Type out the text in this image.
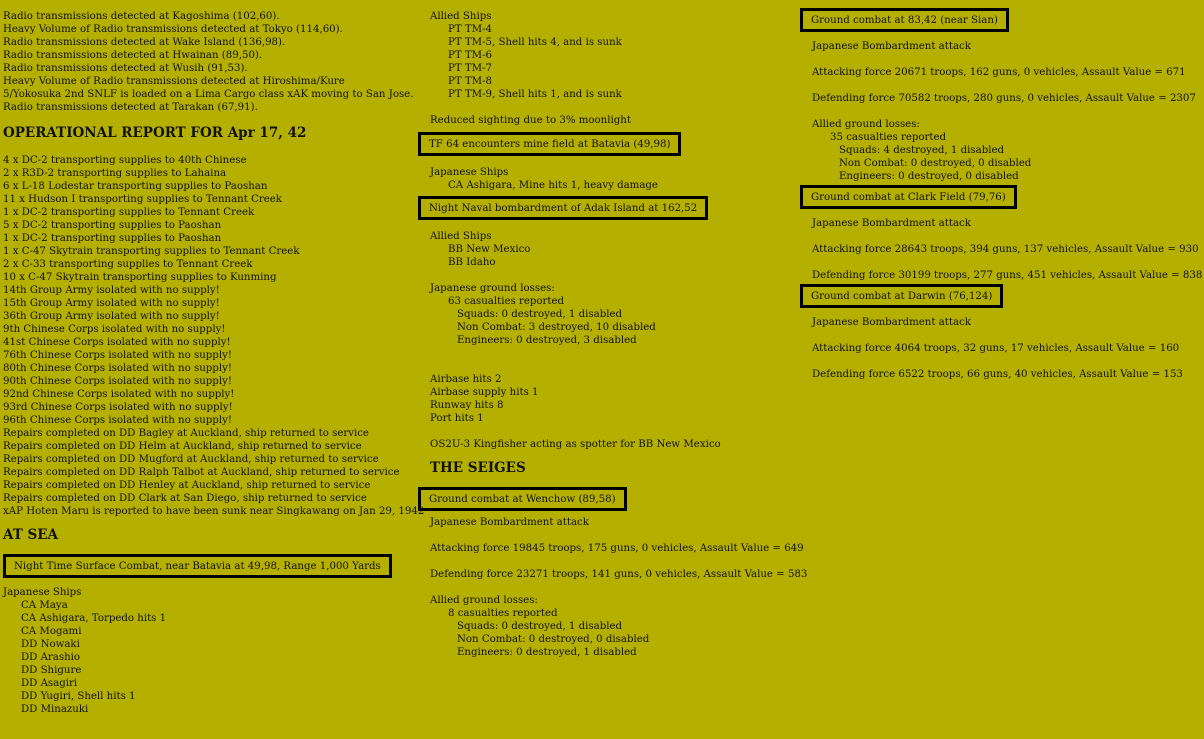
Radio transmissions detected at Kagoshima (102,60).
Heavy Volume of Radio transmissions detected at Tokyo (114,60).
Radio transmissions detected at Wake Island (136,98).
Radio transmissions detected at Hwainan (89,50).
Radio transmissions detected at Wusih (91,53).
Heavy Volume of Radio transmissions detected at Hiroshima/Kure
5/Yokosuka 2nd SNLF is loaded on a Lima Cargo class xAK moving to San Jose.
Radio transmissions detected at Tarakan (67,91).
OPERATIONAL REPORT FOR Apr 17, 42
4 x DC-2 transporting supplies to 40th Chinese
2 x R3D-2 transporting supplies to Lahaina
6 x L-18 Lodestar transporting supplies to Paoshan
11 x Hudson I transporting supplies to Tennant Creek
1 x DC-2 transporting supplies to Tennant Creek
5 x DC-2 transporting supplies to Paoshan
1 x DC-2 transporting supplies to Paoshan
1 x C-47 Skytrain transporting supplies to Tennant Creek
2 x C-33 transporting supplies to Tennant Creek
10 x C-47 Skytrain transporting supplies to Kunming
14th Group Army isolated with no supply!
15th Group Army isolated with no supply!
36th Group Army isolated with no supply!
9th Chinese Corps isolated with no supply!
41st Chinese Corps isolated with no supply!
76th Chinese Corps isolated with no supply!
80th Chinese Corps isolated with no supply!
90th Chinese Corps isolated with no supply!
92nd Chinese Corps isolated with no supply!
93rd Chinese Corps isolated with no supply!
96th Chinese Corps isolated with no supply!
Repairs completed on DD Bagley at Auckland, ship returned to service
Repairs completed on DD Helm at Auckland, ship returned to service
Repairs completed on DD Mugford at Auckland, ship returned to service
Repairs completed on DD Ralph Talbot at Auckland, ship returned to service
Repairs completed on DD Henley at Auckland, ship returned to service
Repairs completed on DD Clark at San Diego, ship returned to service
xAP Hoten Maru is reported to have been sunk near Singkawang on Jan 29, 1942
AT SEA
Night Time Surface Combat, near Batavia at 49,98, Range 1,000 Yards
Japanese Ships
CA Maya
CA Ashigara, Torpedo hits 1
CA Mogami
DD Nowaki
DD Arashio
DD Shigure
DD Asagiri
DD Yugiri, Shell hits 1
DD Minazuki
Allied Ships
PT TM-4
PT TM-5, Shell hits 4, and is sunk
PT TM-6
PT TM-7
PT TM-8
PT TM-9, Shell hits 1, and is sunk
Reduced sighting due to 3% moonlight
TF 64 encounters mine field at Batavia (49,98)
Japanese Ships
CA Ashigara, Mine hits 1, heavy damage
Night Naval bombardment of Adak Island at 162,52
Allied Ships
BB New Mexico
BB Idaho
Japanese ground losses:
63 casualties reported
Squads: 0 destroyed, 1 disabled
Non Combat: 3 destroyed, 10 disabled
Engineers: 0 destroyed, 3 disabled
Airbase hits 2
Airbase supply hits 1
Runway hits 8
Port hits 1
OS2U-3 Kingfisher acting as spotter for BB New Mexico
THE SEIGES
Ground combat at Wenchow (89,58)
Japanese Bombardment attack
Attacking force 19845 troops, 175 guns, 0 vehicles, Assault Value = 649
Defending force 23271 troops, 141 guns, 0 vehicles, Assault Value = 583
Allied ground losses:
8 casualties reported
Squads: 0 destroyed, 1 disabled
Non Combat: 0 destroyed, 0 disabled
Engineers: 0 destroyed, 1 disabled
Ground combat at 83,42 (near Sian)
Japanese Bombardment attack
Attacking force 20671 troops, 162 guns, 0 vehicles, Assault Value = 671
Defending force 70582 troops, 280 guns, 0 vehicles, Assault Value = 2307
Allied ground losses:
35 casualties reported
Squads: 4 destroyed, 1 disabled
Non Combat: 0 destroyed, 0 disabled
Engineers: 0 destroyed, 0 disabled
Ground combat at Clark Field (79,76)
Japanese Bombardment attack
Attacking force 28643 troops, 394 guns, 137 vehicles, Assault Value = 930
Defending force 30199 troops, 277 guns, 451 vehicles, Assault Value = 838
Ground combat at Darwin (76,124)
Japanese Bombardment attack
Attacking force 4064 troops, 32 guns, 17 vehicles, Assault Value = 160
Defending force 6522 troops, 66 guns, 40 vehicles, Assault Value = 153
